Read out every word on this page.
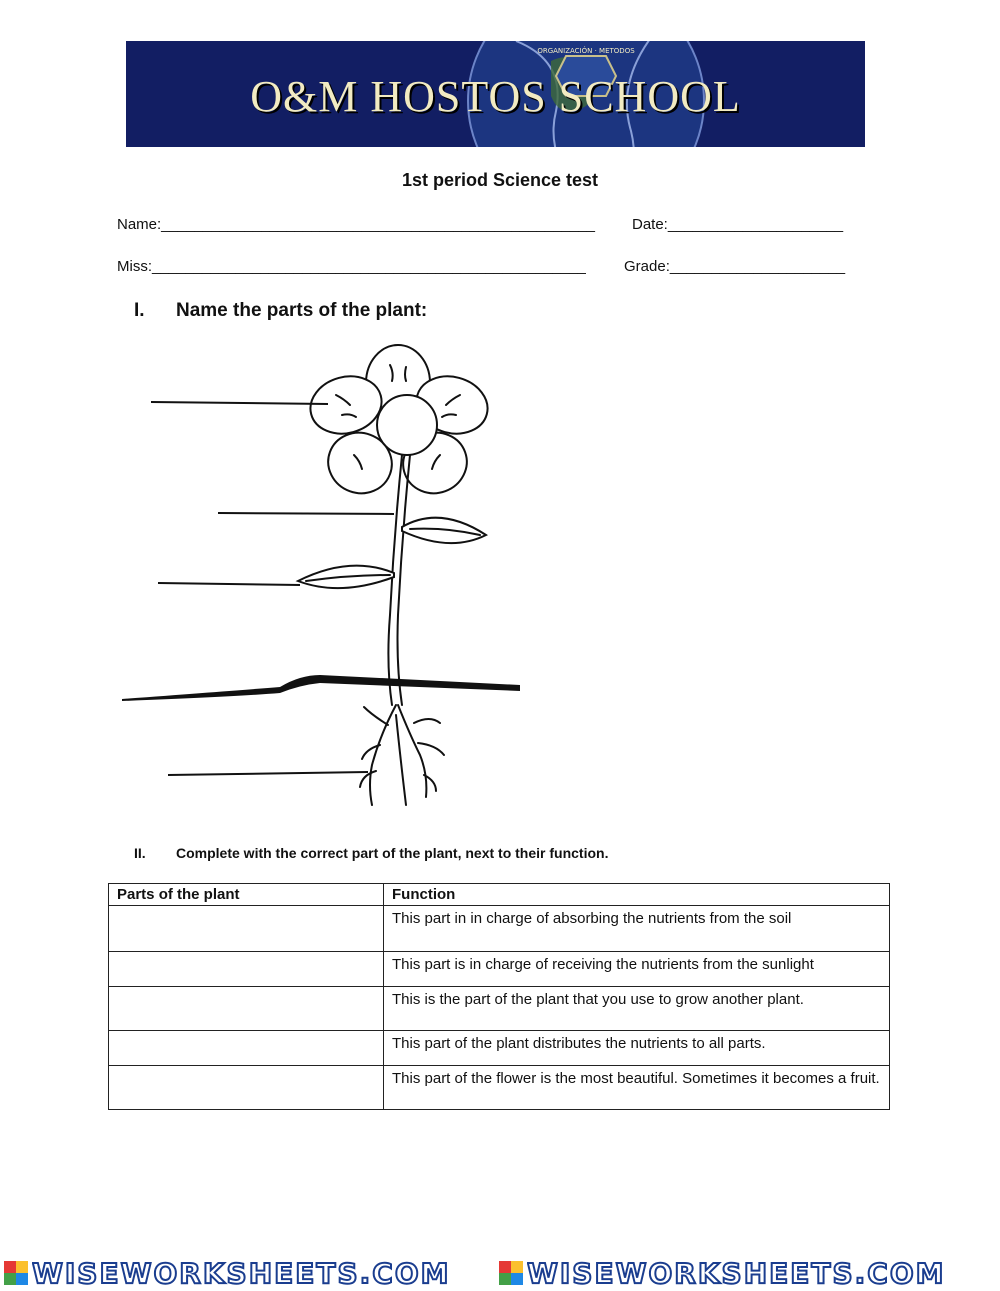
ORGANIZACIÓN · METODOS
O&M HOSTOS SCHOOL
1st period Science test
Name:____________________________________________________ Date:_____________________
Miss:____________________________________________________	Grade:_____________________
I. Name the parts of the plant:
II. Complete with the correct part of the plant, next to their function.
Parts of the plant	Function
	This part in in charge of absorbing the nutrients from the soil
	This part is in charge of receiving the nutrients from the sunlight
	This is the part of the plant that you use to grow another plant.
	This part of the plant distributes the nutrients to all parts.
	This part of the flower is the most beautiful. Sometimes it becomes a fruit.
WISEWORKSHEETS.COM	WISEWORKSHEETS.COM
